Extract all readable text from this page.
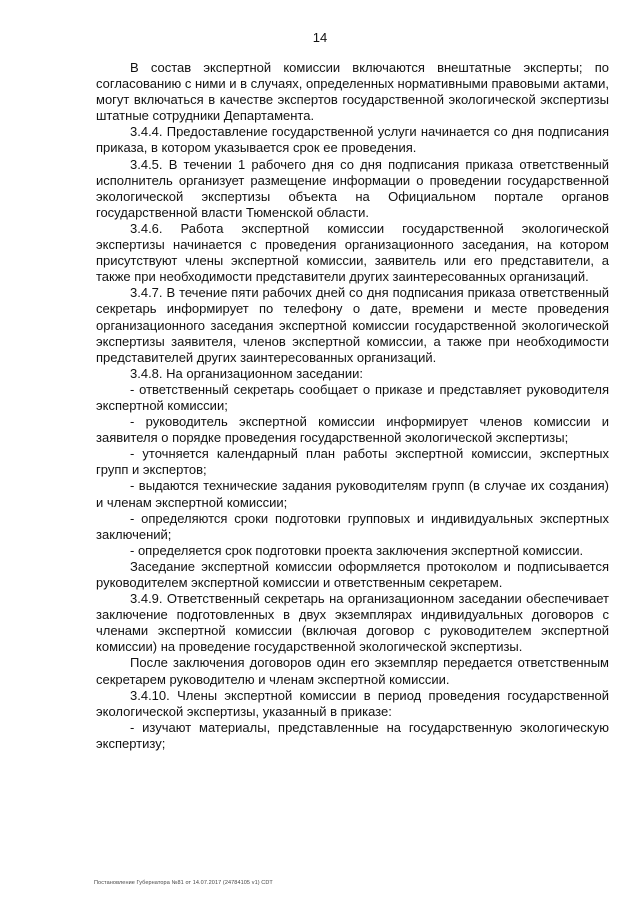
14

В состав экспертной комиссии включаются внештатные эксперты; по согласованию с ними и в случаях, определенных нормативными правовыми актами, могут включаться в качестве экспертов государственной экологической экспертизы штатные сотрудники Департамента.

3.4.4. Предоставление государственной услуги начинается со дня подписания приказа, в котором указывается срок ее проведения.

3.4.5. В течении 1 рабочего дня со дня подписания приказа ответственный исполнитель организует размещение информации о проведении государственной экологической экспертизы объекта на Официальном портале органов государственной власти Тюменской области.

3.4.6. Работа экспертной комиссии государственной экологической экспертизы начинается с проведения организационного заседания, на котором присутствуют члены экспертной комиссии, заявитель или его представители, а также при необходимости представители других заинтересованных организаций.

3.4.7. В течение пяти рабочих дней со дня подписания приказа ответственный секретарь информирует по телефону о дате, времени и месте проведения организационного заседания экспертной комиссии государственной экологической экспертизы заявителя, членов экспертной комиссии, а также при необходимости представителей других заинтересованных организаций.

3.4.8. На организационном заседании:

- ответственный секретарь сообщает о приказе и представляет руководителя экспертной комиссии;

- руководитель экспертной комиссии информирует членов комиссии и заявителя о порядке проведения государственной экологической экспертизы;

- уточняется календарный план работы экспертной комиссии, экспертных групп и экспертов;

- выдаются технические задания руководителям групп (в случае их создания) и членам экспертной комиссии;

- определяются сроки подготовки групповых и индивидуальных экспертных заключений;

- определяется срок подготовки проекта заключения экспертной комиссии.

Заседание экспертной комиссии оформляется протоколом и подписывается руководителем экспертной комиссии и ответственным секретарем.

3.4.9. Ответственный секретарь на организационном заседании обеспечивает заключение подготовленных в двух экземплярах индивидуальных договоров с членами экспертной комиссии (включая договор с руководителем экспертной комиссии) на проведение государственной экологической экспертизы.

После заключения договоров один его экземпляр передается ответственным секретарем руководителю и членам экспертной комиссии.

3.4.10. Члены экспертной комиссии в период проведения государственной экологической экспертизы, указанный в приказе:

- изучают материалы, представленные на государственную экологическую экспертизу;

Постановление Губернатора №81 от 14.07.2017 (24784105 v1) CDT
